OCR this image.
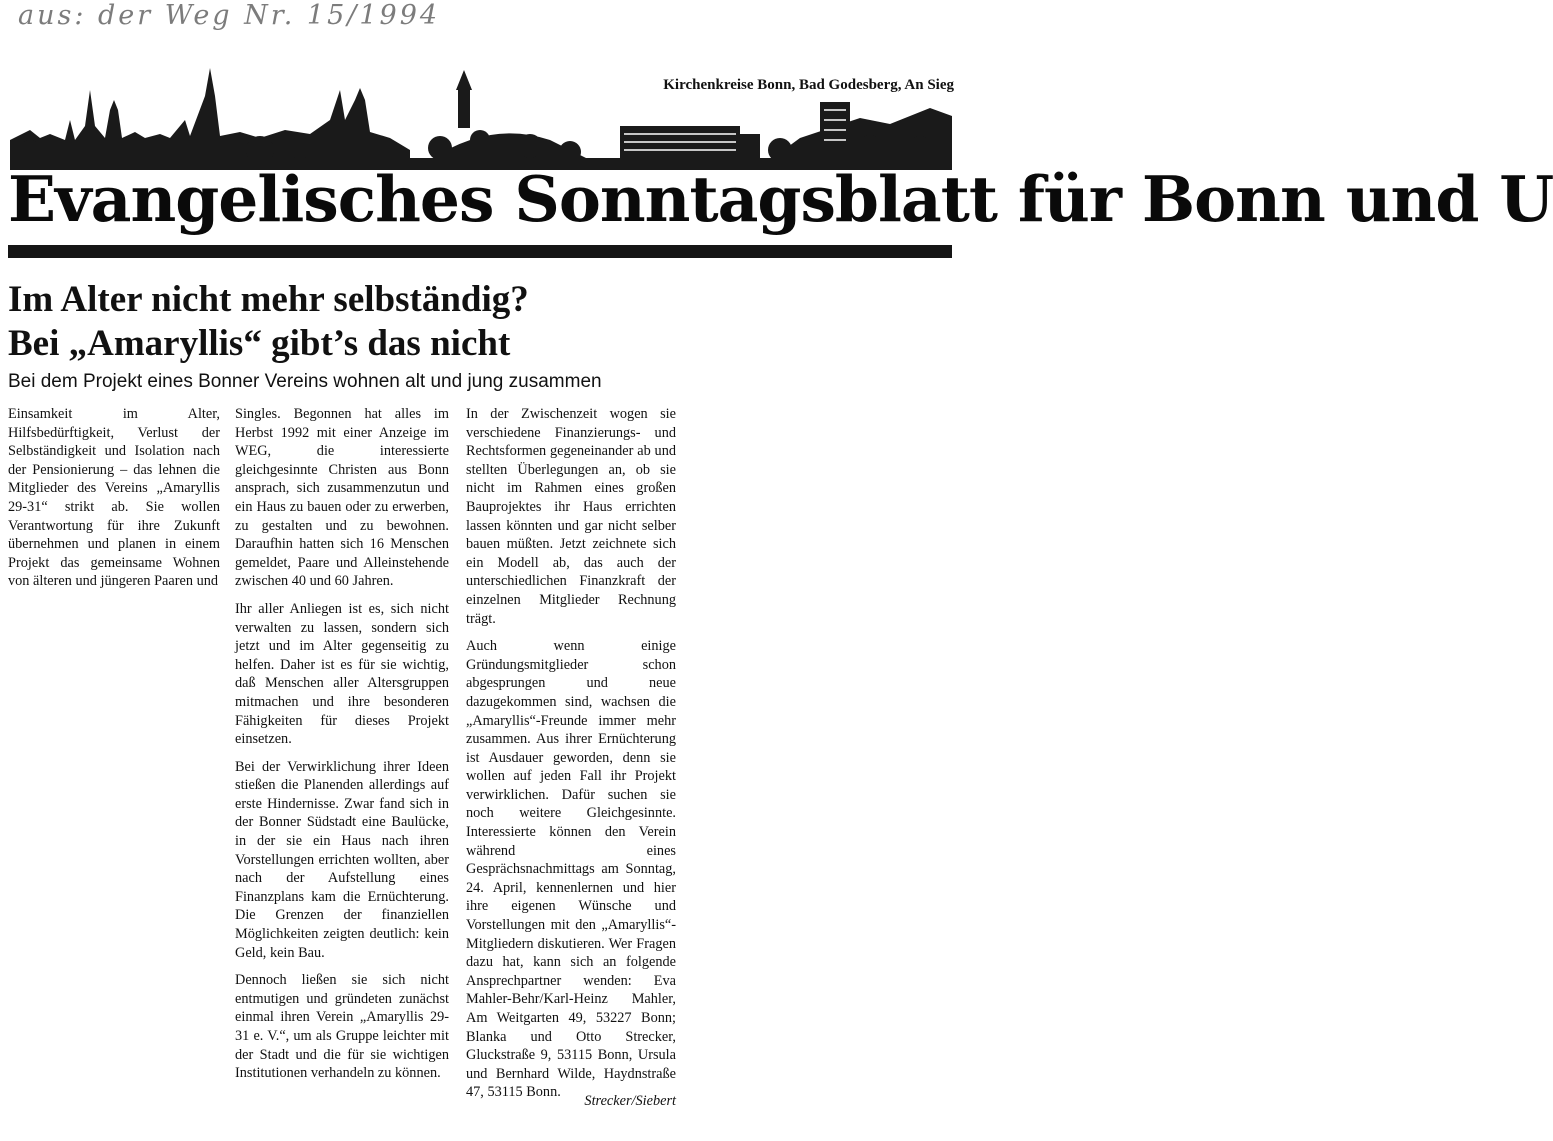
aus: der Weg Nr. 15/1994
Kirchenkreise Bonn, Bad Godesberg, An Sieg
Evangelisches Sonntagsblatt für Bonn und U
Im Alter nicht mehr selbständig?
Bei „Amaryllis“ gibt’s das nicht
Bei dem Projekt eines Bonner Vereins wohnen alt und jung zusammen

Einsamkeit im Alter, Hilfsbedürftigkeit, Verlust der Selbständigkeit und Isolation nach der Pensionierung – das lehnen die Mitglieder des Vereins „Amaryllis 29-31“ strikt ab. Sie wollen Verantwortung für ihre Zukunft übernehmen und planen in einem Projekt das gemeinsame Wohnen von älteren und jüngeren Paaren und

Singles. Begonnen hat alles im Herbst 1992 mit einer Anzeige im WEG, die interessierte gleichgesinnte Christen aus Bonn ansprach, sich zusammenzutun und ein Haus zu bauen oder zu erwerben, zu gestalten und zu bewohnen. Daraufhin hatten sich 16 Menschen gemeldet, Paare und Alleinstehende zwischen 40 und 60 Jahren.

Ihr aller Anliegen ist es, sich nicht verwalten zu lassen, sondern sich jetzt und im Alter gegenseitig zu helfen. Daher ist es für sie wichtig, daß Menschen aller Altersgruppen mitmachen und ihre besonderen Fähigkeiten für dieses Projekt einsetzen.

Bei der Verwirklichung ihrer Ideen stießen die Planenden allerdings auf erste Hindernisse. Zwar fand sich in der Bonner Südstadt eine Baulücke, in der sie ein Haus nach ihren Vorstellungen errichten wollten, aber nach der Aufstellung eines Finanzplans kam die Ernüchterung. Die Grenzen der finanziellen Möglichkeiten zeigten deutlich: kein Geld, kein Bau.

Dennoch ließen sie sich nicht entmutigen und gründeten zunächst einmal ihren Verein „Amaryllis 29-31 e. V.“, um als Gruppe leichter mit der Stadt und die für sie wichtigen Institutionen verhandeln zu können.

In der Zwischenzeit wogen sie verschiedene Finanzierungs- und Rechtsformen gegeneinander ab und stellten Überlegungen an, ob sie nicht im Rahmen eines großen Bauprojektes ihr Haus errichten lassen könnten und gar nicht selber bauen müßten. Jetzt zeichnete sich ein Modell ab, das auch der unterschiedlichen Finanzkraft der einzelnen Mitglieder Rechnung trägt.

Auch wenn einige Gründungsmitglieder schon abgesprungen und neue dazugekommen sind, wachsen die „Amaryllis“-Freunde immer mehr zusammen. Aus ihrer Ernüchterung ist Ausdauer geworden, denn sie wollen auf jeden Fall ihr Projekt verwirklichen. Dafür suchen sie noch weitere Gleichgesinnte. Interessierte können den Verein während eines Gesprächsnachmittags am Sonntag, 24. April, kennenlernen und hier ihre eigenen Wünsche und Vorstellungen mit den „Amaryllis“-Mitgliedern diskutieren. Wer Fragen dazu hat, kann sich an folgende Ansprechpartner wenden: Eva Mahler-Behr/Karl-Heinz Mahler, Am Weitgarten 49, 53227 Bonn; Blanka und Otto Strecker, Gluckstraße 9, 53115 Bonn, Ursula und Bernhard Wilde, Haydnstraße 47, 53115 Bonn.

Strecker/Siebert
